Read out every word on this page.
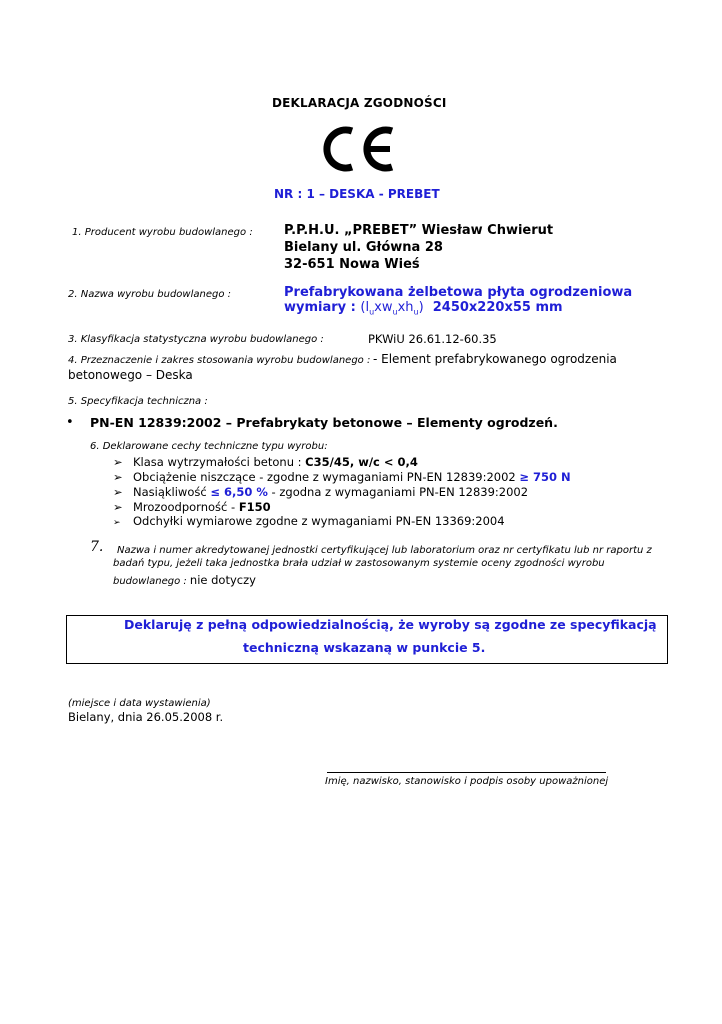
DEKLARACJA ZGODNOŚCI
NR : 1 – DESKA - PREBET
1. Producent wyrobu budowlanego : P.P.H.U. „PREBET” Wiesław Chwierut
Bielany ul. Główna 28
32-651 Nowa Wieś
2. Nazwa wyrobu budowlanego :	Prefabrykowana żelbetowa płyta ogrodzeniowa
wymiary : $(l_uxw_uxh_u)$ 2450x220x55 mm
3. Klasyfikacja statystyczna wyrobu budowlanego :	PKWiU 26.61.12-60.35
4. Przeznaczenie i zakres stosowania wyrobu budowlanego : - Element prefabrykowanego ogrodzenia
betonowego – Deska
5. Specyfikacja techniczna :
• PN-EN 12839:2002 – Prefabrykaty betonowe – Elementy ogrodzeń.
6. Deklarowane cechy techniczne typu wyrobu:
➢ Klasa wytrzymałości betonu : C35/45, w/c < 0,4
➢ Obciążenie niszczące - zgodne z wymaganiami PN-EN 12839:2002 ≥ 750 N
➢ Nasiąkliwość ≤ 6,50 % - zgodna z wymaganiami PN-EN 12839:2002
➢ Mrozoodporność - F150
➢ Odchyłki wymiarowe zgodne z wymaganiami PN-EN 13369:2004
7. Nazwa i numer akredytowanej jednostki certyfikującej lub laboratorium oraz nr certyfikatu lub nr raportu z
badań typu, jeżeli taka jednostka brała udział w zastosowanym systemie oceny zgodności wyrobu
budowlanego : nie dotyczy
Deklaruję z pełną odpowiedzialnością, że wyroby są zgodne ze specyfikacją
techniczną wskazaną w punkcie 5.
(miejsce i data wystawienia)
Bielany, dnia 26.05.2008 r.
Imię, nazwisko, stanowisko i podpis osoby upoważnionej
